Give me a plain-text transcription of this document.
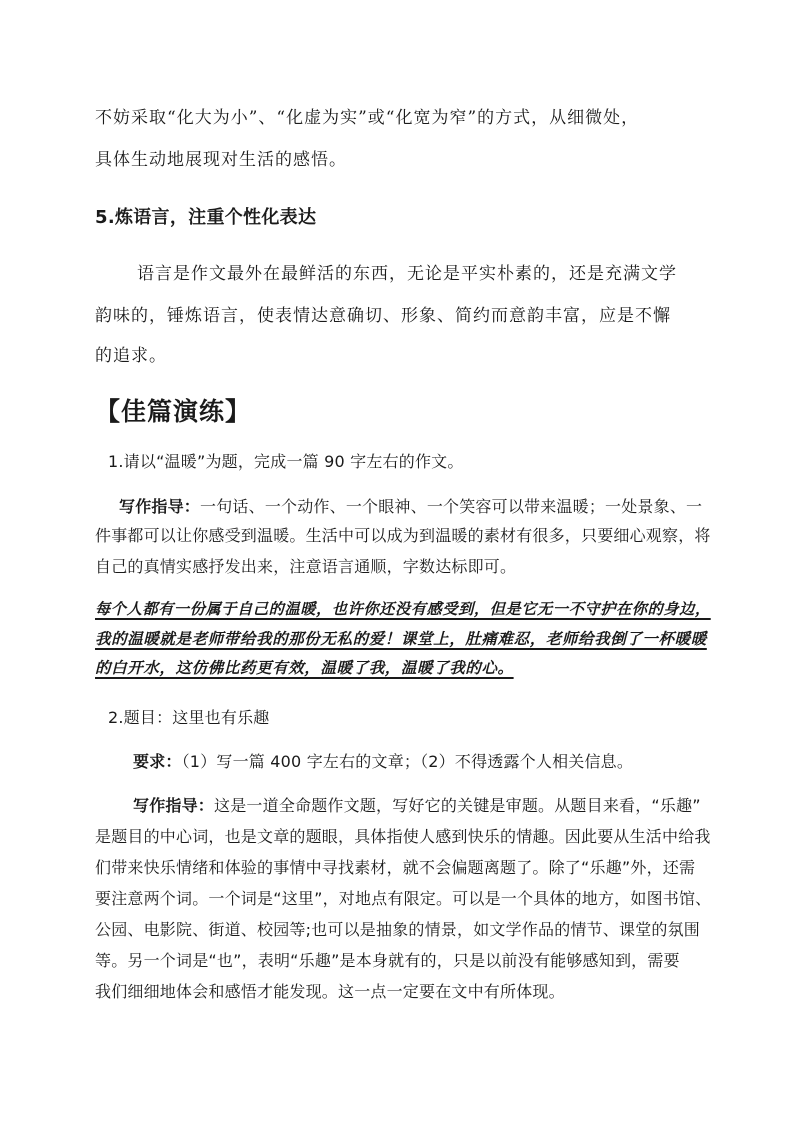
不妨采取“化大为小”、“化虚为实”或“化宽为窄”的方式，从细微处，
具体生动地展现对生活的感悟。
5.炼语言，注重个性化表达
语言是作文最外在最鲜活的东西，无论是平实朴素的，还是充满文学
韵味的，锤炼语言，使表情达意确切、形象、简约而意韵丰富，应是不懈
的追求。
【佳篇演练】
1.请以“温暖”为题，完成一篇 90 字左右的作文。
写作指导：一句话、一个动作、一个眼神、一个笑容可以带来温暖；一处景象、一
件事都可以让你感受到温暖。生活中可以成为到温暖的素材有很多，只要细心观察，将
自己的真情实感抒发出来，注意语言通顺，字数达标即可。
每个人都有一份属于自己的温暖，也许你还没有感受到，但是它无一不守护在你的身边，
我的温暖就是老师带给我的那份无私的爱！课堂上，肚痛难忍，老师给我倒了一杯暖暖
的白开水，这仿佛比药更有效，温暖了我，温暖了我的心。
2.题目：这里也有乐趣
要求：（1）写一篇 400 字左右的文章；（2）不得透露个人相关信息。
写作指导：这是一道全命题作文题，写好它的关键是审题。从题目来看，“乐趣”
是题目的中心词，也是文章的题眼，具体指使人感到快乐的情趣。因此要从生活中给我
们带来快乐情绪和体验的事情中寻找素材，就不会偏题离题了。除了“乐趣”外，还需
要注意两个词。一个词是“这里”，对地点有限定。可以是一个具体的地方，如图书馆、
公园、电影院、街道、校园等;也可以是抽象的情景，如文学作品的情节、课堂的氛围
等。另一个词是“也”，表明“乐趣”是本身就有的，只是以前没有能够感知到，需要
我们细细地体会和感悟才能发现。这一点一定要在文中有所体现。
